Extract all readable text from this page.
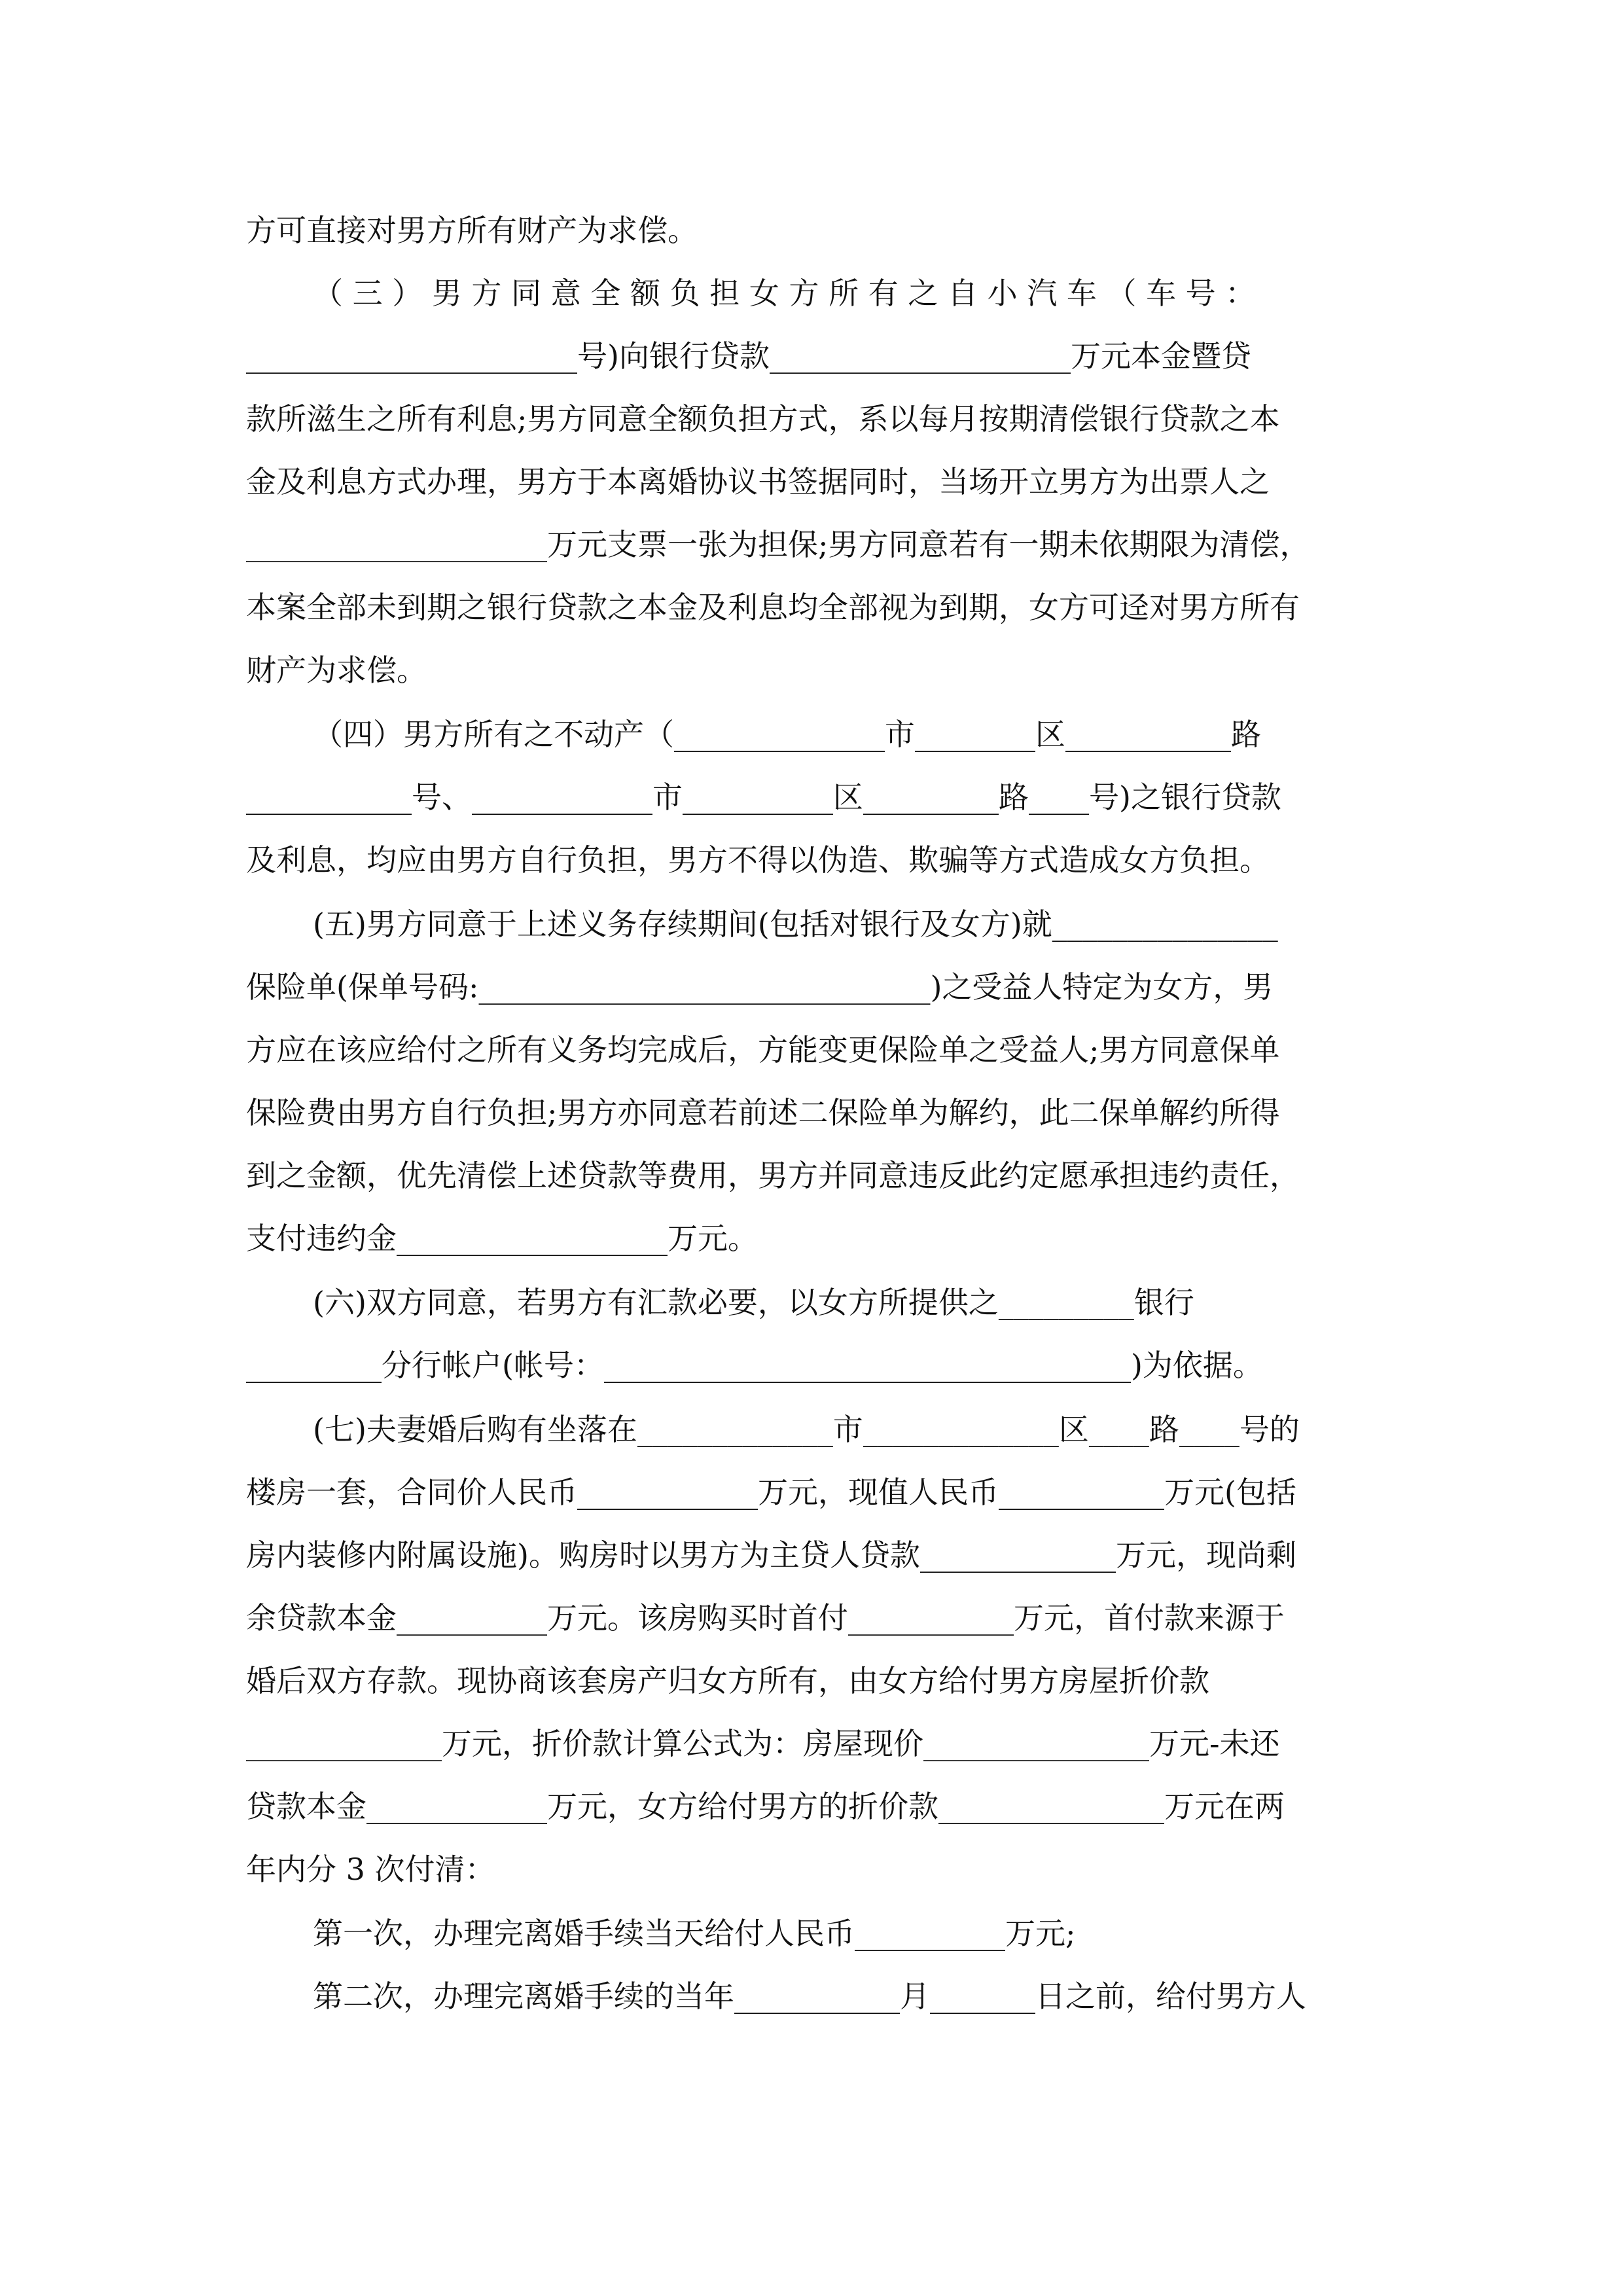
方可直接对男方所有财产为求偿。
（ 三 ） 男 方 同 意 全 额 负 担 女 方 所 有 之 自 小 汽 车 （ 车 号 ：
______________________号)向银行贷款____________________万元本金暨贷
款所滋生之所有利息;男方同意全额负担方式，系以每月按期清偿银行贷款之本
金及利息方式办理，男方于本离婚协议书签据同时，当场开立男方为出票人之
____________________万元支票一张为担保;男方同意若有一期未依期限为清偿，
本案全部未到期之银行贷款之本金及利息均全部视为到期，女方可迳对男方所有
财产为求偿。
（四）男方所有之不动产（______________市________区___________路
___________号、____________市__________区_________路____号)之银行贷款
及利息，均应由男方自行负担，男方不得以伪造、欺骗等方式造成女方负担。
(五)男方同意于上述义务存续期间(包括对银行及女方)就_______________
保险单(保单号码:______________________________)之受益人特定为女方，男
方应在该应给付之所有义务均完成后，方能变更保险单之受益人;男方同意保单
保险费由男方自行负担;男方亦同意若前述二保险单为解约，此二保单解约所得
到之金额，优先清偿上述贷款等费用，男方并同意违反此约定愿承担违约责任，
支付违约金__________________万元。
(六)双方同意，若男方有汇款必要，以女方所提供之_________银行
_________分行帐户(帐号：___________________________________)为依据。
(七)夫妻婚后购有坐落在_____________市_____________区____路____号的
楼房一套，合同价人民币____________万元，现值人民币___________万元(包括
房内装修内附属设施)。购房时以男方为主贷人贷款_____________万元，现尚剩
余贷款本金__________万元。该房购买时首付___________万元，首付款来源于
婚后双方存款。现协商该套房产归女方所有，由女方给付男方房屋折价款
_____________万元，折价款计算公式为：房屋现价_______________万元-未还
贷款本金____________万元，女方给付男方的折价款_______________万元在两
年内分 3 次付清：
第一次，办理完离婚手续当天给付人民币__________万元;
第二次，办理完离婚手续的当年___________月_______日之前，给付男方人
